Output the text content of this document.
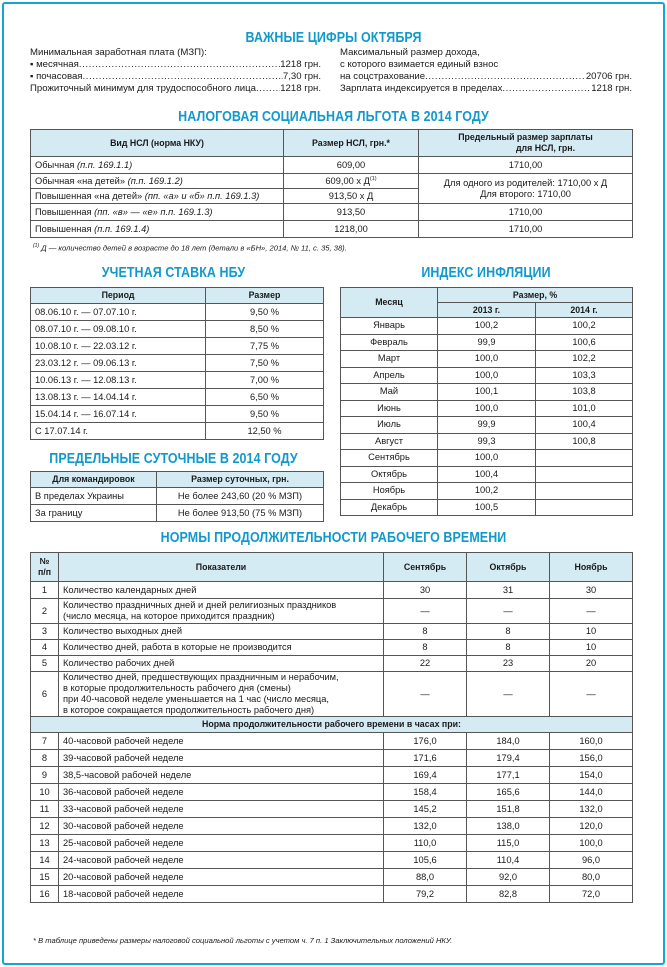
ВАЖНЫЕ ЦИФРЫ ОКТЯБРЯ
Минимальная заработная плата (МЗП):
▪ месячная .....	1218 грн.
▪ почасовая .....	7,30 грн.
Прожиточный минимум для трудоспособного лица .....	1218 грн.
Максимальный размер дохода,
с которого взимается единый взнос
на соцстрахование .....	20706 грн.
Зарплата индексируется в пределах .....	1218 грн.
НАЛОГОВАЯ СОЦИАЛЬНАЯ ЛЬГОТА В 2014 ГОДУ
Вид НСЛ (норма НКУ)	Размер НСЛ, грн.*	Предельный размер зарплаты
для НСЛ, грн.

Обычная (п.п. 169.1.1)	609,00	1710,00
Обычная «на детей» (п.п. 169.1.2)	609,00 х $Д^{(1)}$	Для одного из родителей: 1710,00 х Д
Для второго: 1710,00

Повышенная «на детей» (пп. «а» и «б» п.п. 169.1.3)	913,50 х Д	
Повышенная (пп. «в» — «е» п.п. 169.1.3)	913,50	1710,00
Повышенная (п.п. 169.1.4)	1218,00	1710,00
$^{(1)}$ Д — количество детей в возрасте до 18 лет (детали в «БН», 2014, № 11, с. 35, 38).
УЧЕТНАЯ СТАВКА НБУ
Период	Размер
08.06.10 г. — 07.07.10 г.	9,50 %
08.07.10 г. — 09.08.10 г.	8,50 %
10.08.10 г. — 22.03.12 г.	7,75 %
23.03.12 г. — 09.06.13 г.	7,50 %
10.06.13 г. — 12.08.13 г.	7,00 %
13.08.13 г. — 14.04.14 г.	6,50 %
15.04.14 г. — 16.07.14 г.	9,50 %
С 17.07.14 г.	12,50 %
ПРЕДЕЛЬНЫЕ СУТОЧНЫЕ В 2014 ГОДУ
Для командировок	Размер суточных, грн.
В пределах Украины	Не более 243,60 (20 % МЗП)
За границу	Не более 913,50 (75 % МЗП)
ИНДЕКС ИНФЛЯЦИИ
Месяц	Размер, %	
	2013 г.	2014 г.
Январь	100,2	100,2
Февраль	99,9	100,6
Март	100,0	102,2
Апрель	100,0	103,3
Май	100,1	103,8
Июнь	100,0	101,0
Июль	99,9	100,4
Август	99,3	100,8
Сентябрь	100,0	
Октябрь	100,4	
Ноябрь	100,2	
Декабрь	100,5	
НОРМЫ ПРОДОЛЖИТЕЛЬНОСТИ РАБОЧЕГО ВРЕМЕНИ
№
п/п	Показатели	Сентябрь	Октябрь	Ноябрь
1	Количество календарных дней	30	31	30
2	Количество праздничных дней и дней религиозных праздников
(число месяца, на которое приходится праздник)	—	—	—
3	Количество выходных дней	8	8	10
4	Количество дней, работа в которые не производится	8	8	10
5	Количество рабочих дней	22	23	20
6	Количество дней, предшествующих праздничным и нерабочим,
в которые продолжительность рабочего дня (смены)
при 40-часовой неделе уменьшается на 1 час (число месяца,
в которое сокращается продолжительность рабочего дня)	—	—	—
Норма продолжительности рабочего времени в часах при:				
7	40-часовой рабочей неделе	176,0	184,0	160,0
8	39-часовой рабочей неделе	171,6	179,4	156,0
9	38,5-часовой рабочей неделе	169,4	177,1	154,0
10	36-часовой рабочей неделе	158,4	165,6	144,0
11	33-часовой рабочей неделе	145,2	151,8	132,0
12	30-часовой рабочей неделе	132,0	138,0	120,0
13	25-часовой рабочей неделе	110,0	115,0	100,0
14	24-часовой рабочей неделе	105,6	110,4	96,0
15	20-часовой рабочей неделе	88,0	92,0	80,0
16	18-часовой рабочей неделе	79,2	82,8	72,0
* В таблице приведены размеры налоговой социальной льготы с учетом ч. 7 п. 1 Заключительных положений НКУ.
